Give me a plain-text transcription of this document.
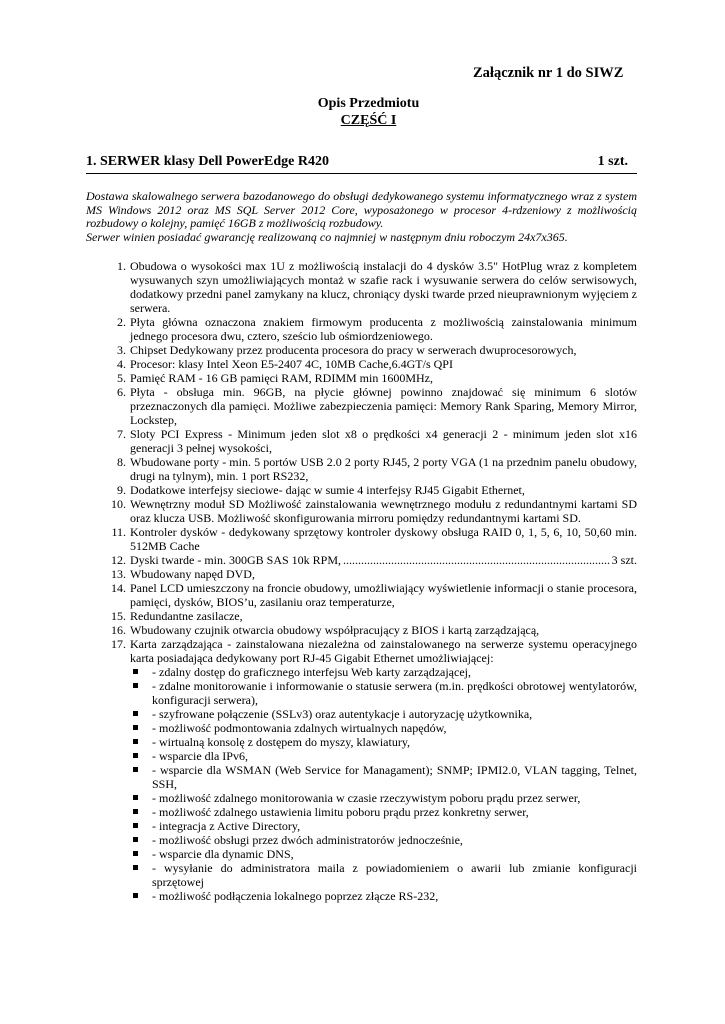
Załącznik nr 1 do SIWZ
Opis Przedmiotu
CZĘŚĆ I
1. SERWER klasy Dell PowerEdge R420	1 szt.

Dostawa skalowalnego serwera bazodanowego do obsługi dedykowanego systemu informatycznego wraz z system MS Windows 2012 oraz MS SQL Server 2012 Core, wyposażonego w procesor 4-rdzeniowy z możliwością rozbudowy o kolejny, pamięć 16GB z możliwością rozbudowy.

Serwer winien posiadać gwarancję realizowaną co najmniej w następnym dniu roboczym 24x7x365.

1. Obudowa o wysokości max 1U z możliwością instalacji do 4 dysków 3.5" HotPlug wraz z kompletem wysuwanych szyn umożliwiających montaż w szafie rack i wysuwanie serwera do celów serwisowych, dodatkowy przedni panel zamykany na klucz, chroniący dyski twarde przed nieuprawnionym wyjęciem z serwera.
2. Płyta główna oznaczona znakiem firmowym producenta z możliwością zainstalowania minimum jednego procesora dwu, cztero, sześcio lub ośmiordzeniowego.
3. Chipset Dedykowany przez producenta procesora do pracy w serwerach dwuprocesorowych,
4. Procesor: klasy Intel Xeon E5-2407 4C, 10MB Cache,6.4GT/s QPI
5. Pamięć RAM - 16 GB pamięci RAM, RDIMM min 1600MHz,
6. Płyta - obsługa min. 96GB, na płycie głównej powinno znajdować się minimum 6 slotów przeznaczonych dla pamięci. Możliwe zabezpieczenia pamięci: Memory Rank Sparing, Memory Mirror, Lockstep,
7. Sloty PCI Express - Minimum jeden slot x8 o prędkości x4 generacji 2 - minimum jeden slot x16 generacji 3 pełnej wysokości,
8. Wbudowane porty - min. 5 portów USB 2.0 2 porty RJ45, 2 porty VGA (1 na przednim panelu obudowy, drugi na tylnym), min. 1 port RS232,
9. Dodatkowe interfejsy sieciowe- dając w sumie 4 interfejsy RJ45 Gigabit Ethernet,
10. Wewnętrzny moduł SD Możliwość zainstalowania wewnętrznego modułu z redundantnymi kartami SD oraz klucza USB. Możliwość skonfigurowania mirroru pomiędzy redundantnymi kartami SD.
11. Kontroler dysków - dedykowany sprzętowy kontroler dyskowy obsługa RAID 0, 1, 5, 6, 10, 50,60 min. 512MB Cache
12. Dyski twarde - min. 300GB SAS 10k RPM,
.....	3 szt.
13. Wbudowany napęd DVD,
14. Panel LCD umieszczony na froncie obudowy, umożliwiający wyświetlenie informacji o stanie procesora, pamięci, dysków, BIOS’u, zasilaniu oraz temperaturze,
15. Redundantne zasilacze,
16. Wbudowany czujnik otwarcia obudowy współpracujący z BIOS i kartą zarządzającą,
17. Karta zarządzająca - zainstalowana niezależna od zainstalowanego na serwerze systemu operacyjnego karta posiadająca dedykowany port RJ-45 Gigabit Ethernet umożliwiającej:
- zdalny dostęp do graficznego interfejsu Web karty zarządzającej,
- zdalne monitorowanie i informowanie o statusie serwera (m.in. prędkości obrotowej wentylatorów, konfiguracji serwera),
- szyfrowane połączenie (SSLv3) oraz autentykacje i autoryzację użytkownika,
- możliwość podmontowania zdalnych wirtualnych napędów,
- wirtualną konsolę z dostępem do myszy, klawiatury,
- wsparcie dla IPv6,
- wsparcie dla WSMAN (Web Service for Managament); SNMP; IPMI2.0, VLAN tagging, Telnet, SSH,
- możliwość zdalnego monitorowania w czasie rzeczywistym poboru prądu przez serwer,
- możliwość zdalnego ustawienia limitu poboru prądu przez konkretny serwer,
- integracja z Active Directory,
- możliwość obsługi przez dwóch administratorów jednocześnie,
- wsparcie dla dynamic DNS,
- wysyłanie do administratora maila z powiadomieniem o awarii lub zmianie konfiguracji sprzętowej
- możliwość podłączenia lokalnego poprzez złącze RS-232,
